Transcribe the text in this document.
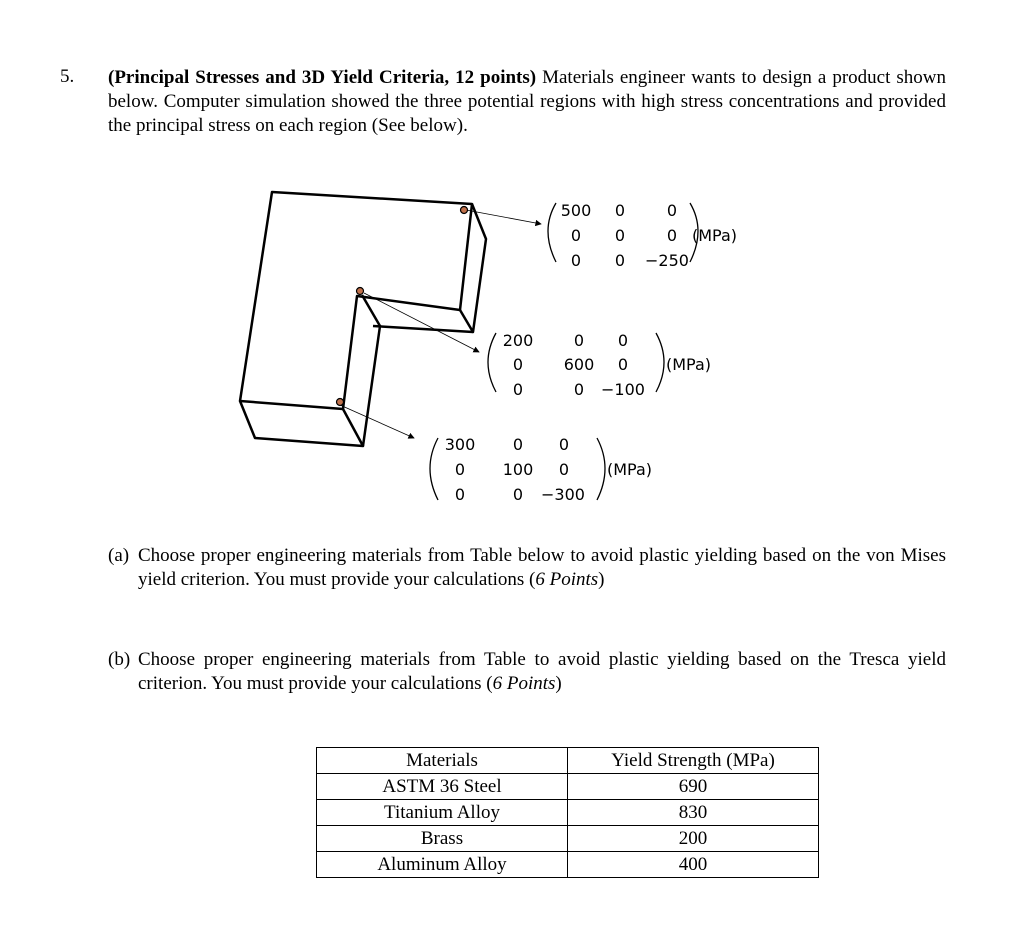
5. (Principal Stresses and 3D Yield Criteria, 12 points) Materials engineer wants to design a product shown below. Computer simulation showed the three potential regions with high stress concentrations and provided the principal stress on each region (See below).
500 0	0
0 0	0
0 0 −250
(MPa)
200	0 0
0	600 0
0	0 −100
(MPa)
300 0 0
0 100 0
0	0 −300
(MPa)
(a) Choose proper engineering materials from Table below to avoid plastic yielding based on the von Mises yield criterion. You must provide your calculations (6 Points)
(b) Choose proper engineering materials from Table to avoid plastic yielding based on the Tresca yield criterion. You must provide your calculations (6 Points)
Materials	Yield Strength (MPa)
ASTM 36 Steel	690
Titanium Alloy	830
Brass	200
Aluminum Alloy	400
